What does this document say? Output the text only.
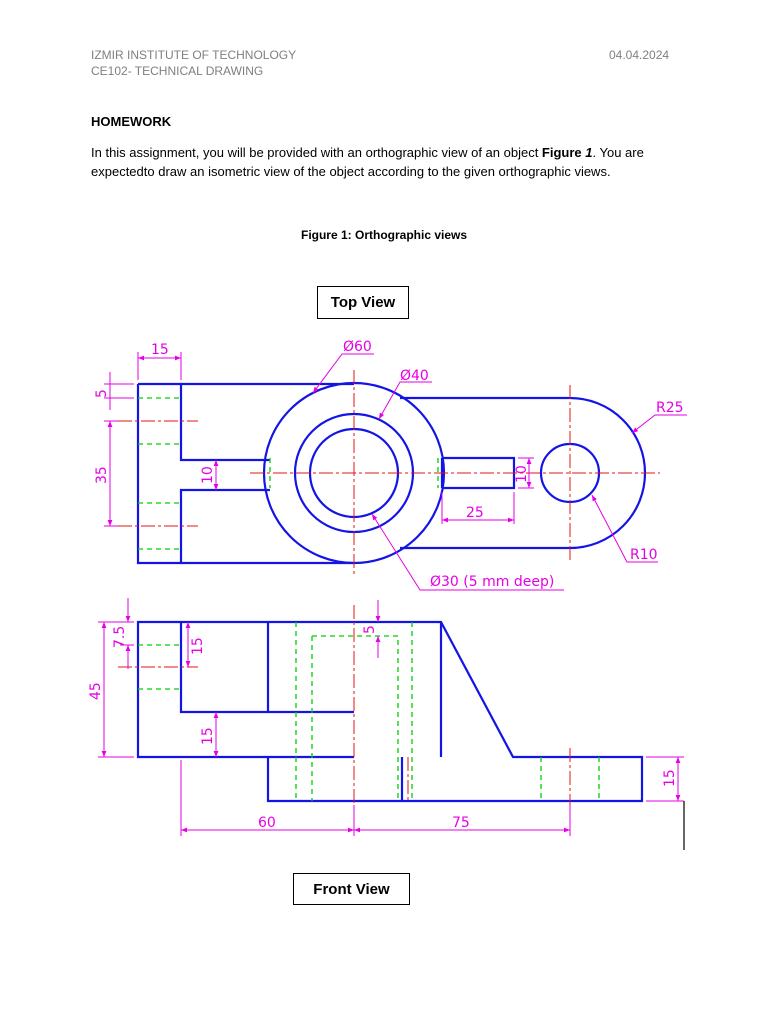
IZMIR INSTITUTE OF TECHNOLOGY
CE102- TECHNICAL DRAWING
04.04.2024
HOMEWORK
In this assignment, you will be provided with an orthographic view of an object Figure 1. You are expectedto draw an isometric view of the object according to the given orthographic views.
Figure 1: Orthographic views
15
5
35	10
Ø60
Ø40
R25
25
10
R10
Ø30 (5 mm deep)
7.5	15
5
45
15
15
60	75
Top View
Front View
